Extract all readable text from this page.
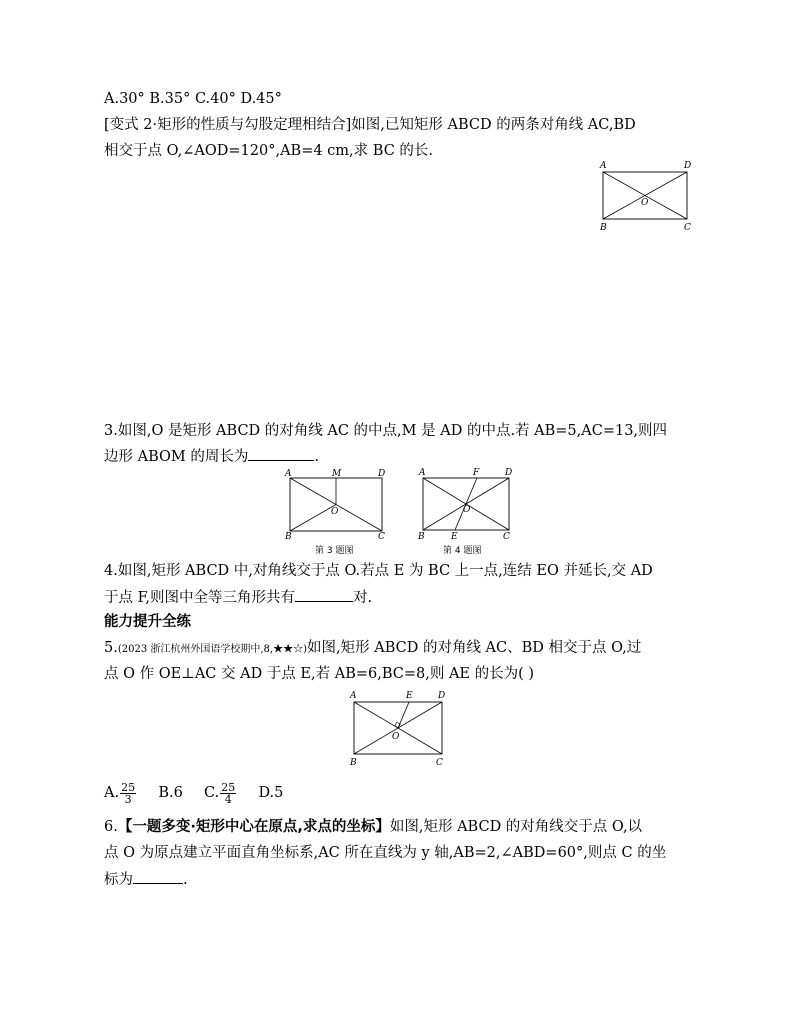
A.30° B.35° C.40° D.45°
[变式 2·矩形的性质与勾股定理相结合]如图,已知矩形 ABCD 的两条对角线 AC,BD
相交于点 O,∠AOD=120°,AB=4 cm,求 BC 的长.
A	D
B	C
O
3.如图,O 是矩形 ABCD 的对角线 AC 的中点,M 是 AD 的中点.若 AB=5,AC=13,则四
边形 ABOM 的周长为	.
A	M	D
B	C
O
第 3 题图
A	F	D
B	E	C
O
第 4 题图
4.如图,矩形 ABCD 中,对角线交于点 O.若点 E 为 BC 上一点,连结 EO 并延长,交 AD
于点 F,则图中全等三角形共有	对.
能力提升全练
5.(2023 浙江杭州外国语学校期中,8,★★☆)如图,矩形 ABCD 的对角线 AC、BD 相交于点 O,过
点 O 作 OE⊥AC 交 AD 于点 E,若 AB=6,BC=8,则 AE 的长为( )
A	E	D
B	C
O
A. $\frac{25}{3} B.6$ C. $\frac{25}{4} D.5$
6.【一题多变·矩形中心在原点,求点的坐标】如图,矩形 ABCD 的对角线交于点 O,以
点 O 为原点建立平面直角坐标系,AC 所在直线为 y 轴,AB=2,∠ABD=60°,则点 C 的坐
标为	.
